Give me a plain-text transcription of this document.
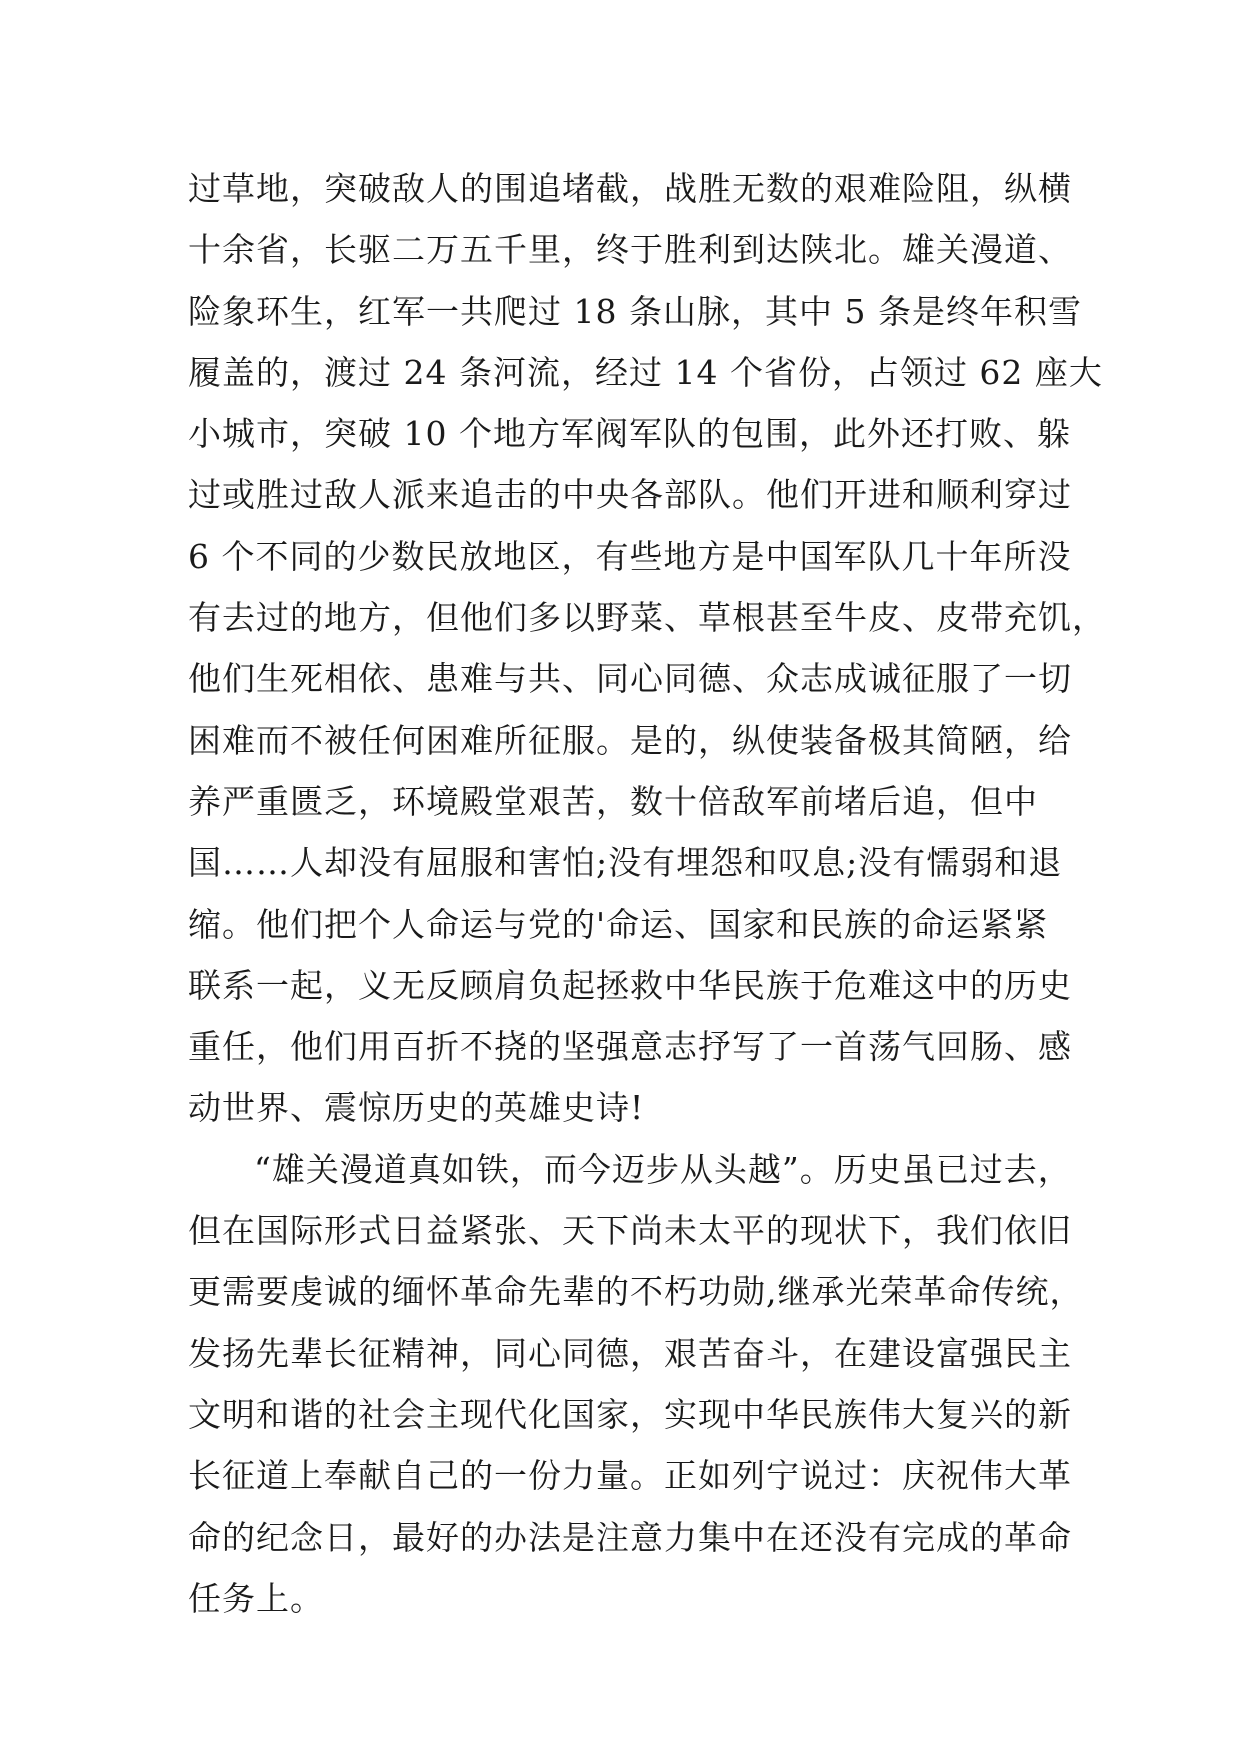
过草地，突破敌人的围追堵截，战胜无数的艰难险阻，纵横
十余省，长驱二万五千里，终于胜利到达陕北。雄关漫道、
险象环生，红军一共爬过 18 条山脉，其中 5 条是终年积雪
履盖的，渡过 24 条河流，经过 14 个省份，占领过 62 座大
小城市，突破 10 个地方军阀军队的包围，此外还打败、躲
过或胜过敌人派来追击的中央各部队。他们开进和顺利穿过
6 个不同的少数民放地区，有些地方是中国军队几十年所没
有去过的地方，但他们多以野菜、草根甚至牛皮、皮带充饥，
他们生死相依、患难与共、同心同德、众志成诚征服了一切
困难而不被任何困难所征服。是的，纵使装备极其简陋，给
养严重匮乏，环境殿堂艰苦，数十倍敌军前堵后追，但中
国……人却没有屈服和害怕;没有埋怨和叹息;没有懦弱和退
缩。他们把个人命运与党的'命运、国家和民族的命运紧紧
联系一起，义无反顾肩负起拯救中华民族于危难这中的历史
重任，他们用百折不挠的坚强意志抒写了一首荡气回肠、感
动世界、震惊历史的英雄史诗!
“雄关漫道真如铁，而今迈步从头越”。历史虽已过去，
但在国际形式日益紧张、天下尚未太平的现状下，我们依旧
更需要虔诚的缅怀革命先辈的不朽功勋,继承光荣革命传统，
发扬先辈长征精神，同心同德，艰苦奋斗，在建设富强民主
文明和谐的社会主现代化国家，实现中华民族伟大复兴的新
长征道上奉献自己的一份力量。正如列宁说过：庆祝伟大革
命的纪念日，最好的办法是注意力集中在还没有完成的革命
任务上。
